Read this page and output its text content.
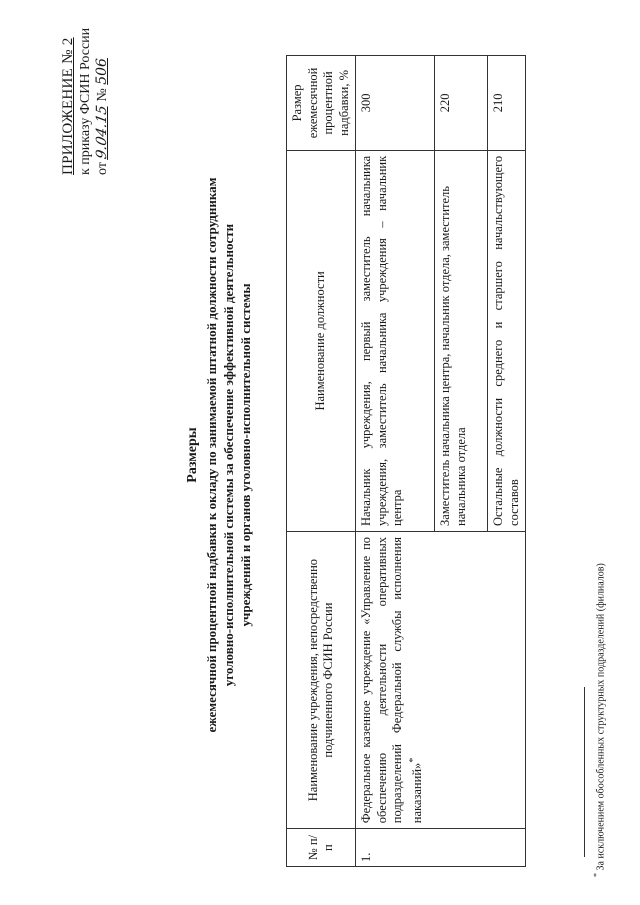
ПРИЛОЖЕНИЕ № 2 к приказу ФСИН России от 9.04.15 № 506
Размеры ежемесячной процентной надбавки к окладу по занимаемой штатной должности сотрудникам уголовно-исполнительной системы за обеспечение эффективной деятельности учреждений и органов уголовно-исполнительной системы
№ п/п	Наименование учреждения, непосредственно подчиненного ФСИН России	Наименование должности	Размер ежемесячной процентной надбавки, %
1.	Федеральное казенное учреждение «Управление по обеспечению деятельности оперативных подразделений Федеральной службы исполнения наказаний»*	Начальник учреждения, первый заместитель начальника учреждения, заместитель начальника учреждения – начальник центра	300
		Заместитель начальника центра, начальник отдела, заместитель начальника отдела	220
		Остальные должности среднего и старшего начальствующего составов	210
* За исключением обособленных структурных подразделений (филиалов)
